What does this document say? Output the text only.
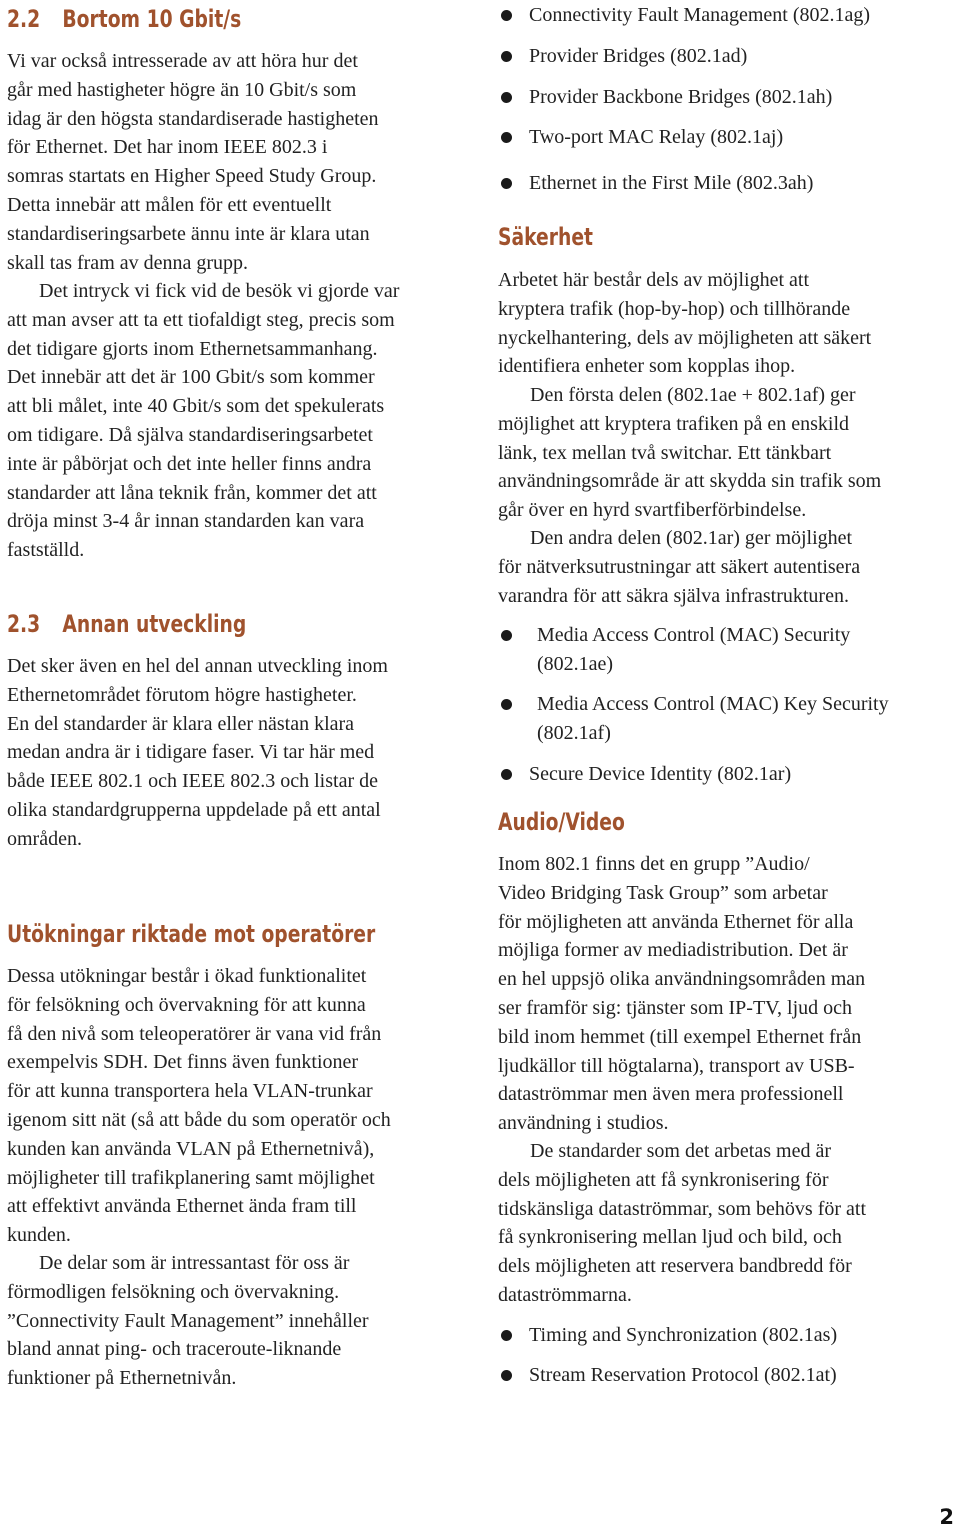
2.2 Bortom 10 Gbit/s

Vi var också intresserade av att höra hur det
går med hastigheter högre än 10 Gbit/s som
idag är den högsta standardiserade hastigheten
för Ethernet. Det har inom IEEE 802.3 i
somras startats en Higher Speed Study Group.
Detta innebär att målen för ett eventuellt
standardiseringsarbete ännu inte är klara utan
skall tas fram av denna grupp.

Det intryck vi fick vid de besök vi gjorde var
att man avser att ta ett tiofaldigt steg, precis som
det tidigare gjorts inom Ethernetsammanhang.
Det innebär att det är 100 Gbit/s som kommer
att bli målet, inte 40 Gbit/s som det spekulerats
om tidigare. Då själva standardiseringsarbetet
inte är påbörjat och det inte heller finns andra
standarder att låna teknik från, kommer det att
dröja minst 3-4 år innan standarden kan vara
fastställd.

2.3 Annan utveckling

Det sker även en hel del annan utveckling inom
Ethernetområdet förutom högre hastigheter.
En del standarder är klara eller nästan klara
medan andra är i tidigare faser. Vi tar här med
både IEEE 802.1 och IEEE 802.3 och listar de
olika standardgrupperna uppdelade på ett antal
områden.

Utökningar riktade mot operatörer

Dessa utökningar består i ökad funktionalitet
för felsökning och övervakning för att kunna
få den nivå som teleoperatörer är vana vid från
exempelvis SDH. Det finns även funktioner
för att kunna transportera hela VLAN-trunkar
igenom sitt nät (så att både du som operatör och
kunden kan använda VLAN på Ethernetnivå),
möjligheter till trafikplanering samt möjlighet
att effektivt använda Ethernet ända fram till
kunden.

De delar som är intressantast för oss är
förmodligen felsökning och övervakning.
”Connectivity Fault Management” innehåller
bland annat ping- och traceroute-liknande
funktioner på Ethernetnivån.

Connectivity Fault Management (802.1ag)
Provider Bridges (802.1ad)
Provider Backbone Bridges (802.1ah)
Two-port MAC Relay (802.1aj)
Ethernet in the First Mile (802.3ah)
Säkerhet

Arbetet här består dels av möjlighet att
kryptera trafik (hop-by-hop) och tillhörande
nyckelhantering, dels av möjligheten att säkert
identifiera enheter som kopplas ihop.

Den första delen (802.1ae + 802.1af) ger
möjlighet att kryptera trafiken på en enskild
länk, tex mellan två switchar. Ett tänkbart
användningsområde är att skydda sin trafik som
går över en hyrd svartfiberförbindelse.

Den andra delen (802.1ar) ger möjlighet
för nätverksutrustningar att säkert autentisera
varandra för att säkra själva infrastrukturen.

Media Access Control (MAC) Security
(802.1ae)
Media Access Control (MAC) Key Security
(802.1af)
Secure Device Identity (802.1ar)
Audio/Video

Inom 802.1 finns det en grupp ”Audio/
Video Bridging Task Group” som arbetar
för möjligheten att använda Ethernet för alla
möjliga former av mediadistribution. Det är
en hel uppsjö olika användningsområden man
ser framför sig: tjänster som IP-TV, ljud och
bild inom hemmet (till exempel Ethernet från
ljudkällor till högtalarna), transport av USB-
dataströmmar men även mera professionell
användning i studios.

De standarder som det arbetas med är
dels möjligheten att få synkronisering för
tidskänsliga dataströmmar, som behövs för att
få synkronisering mellan ljud och bild, och
dels möjligheten att reservera bandbredd för
dataströmmarna.

Timing and Synchronization (802.1as)
Stream Reservation Protocol (802.1at)
2
